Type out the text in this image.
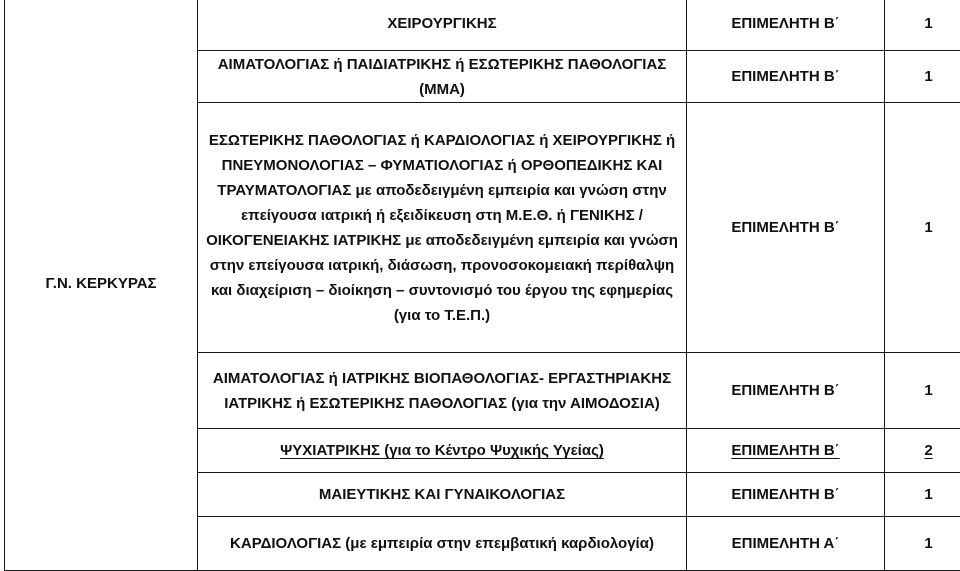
Γ.Ν. ΚΕΡΚΥΡΑΣ	ΧΕΙΡΟΥΡΓΙΚΗΣ	ΕΠΙΜΕΛΗΤΗ Β΄	1
	ΑΙΜΑΤΟΛΟΓΙΑΣ ή ΠΑΙΔΙΑΤΡΙΚΗΣ ή ΕΣΩΤΕΡΙΚΗΣ ΠΑΘΟΛΟΓΙΑΣ (ΜΜΑ)	ΕΠΙΜΕΛΗΤΗ Β΄	1
	ΕΣΩΤΕΡΙΚΗΣ ΠΑΘΟΛΟΓΙΑΣ ή ΚΑΡΔΙΟΛΟΓΙΑΣ ή ΧΕΙΡΟΥΡΓΙΚΗΣ ή ΠΝΕΥΜΟΝΟΛΟΓΙΑΣ – ΦΥΜΑΤΙΟΛΟΓΙΑΣ ή ΟΡΘΟΠΕΔΙΚΗΣ ΚΑΙ ΤΡΑΥΜΑΤΟΛΟΓΙΑΣ με αποδεδειγμένη εμπειρία και γνώση στην επείγουσα ιατρική ή εξειδίκευση στη Μ.Ε.Θ. ή ΓΕΝΙΚΗΣ / ΟΙΚΟΓΕΝΕΙΑΚΗΣ ΙΑΤΡΙΚΗΣ με αποδεδειγμένη εμπειρία και γνώση στην επείγουσα ιατρική, διάσωση, προνοσοκομειακή περίθαλψη και διαχείριση – διοίκηση – συντονισμό του έργου της εφημερίας (για το Τ.Ε.Π.)	ΕΠΙΜΕΛΗΤΗ Β΄	1
	ΑΙΜΑΤΟΛΟΓΙΑΣ ή ΙΑΤΡΙΚΗΣ ΒΙΟΠΑΘΟΛΟΓΙΑΣ- ΕΡΓΑΣΤΗΡΙΑΚΗΣ ΙΑΤΡΙΚΗΣ ή ΕΣΩΤΕΡΙΚΗΣ ΠΑΘΟΛΟΓΙΑΣ (για την ΑΙΜΟΔΟΣΙΑ)	ΕΠΙΜΕΛΗΤΗ Β΄	1
	ΨΥΧΙΑΤΡΙΚΗΣ (για το Κέντρο Ψυχικής Υγείας)	ΕΠΙΜΕΛΗΤΗ Β΄	2
	ΜΑΙΕΥΤΙΚΗΣ ΚΑΙ ΓΥΝΑΙΚΟΛΟΓΙΑΣ	ΕΠΙΜΕΛΗΤΗ Β΄	1
	ΚΑΡΔΙΟΛΟΓΙΑΣ (με εμπειρία στην επεμβατική καρδιολογία)	ΕΠΙΜΕΛΗΤΗ Α΄	1
